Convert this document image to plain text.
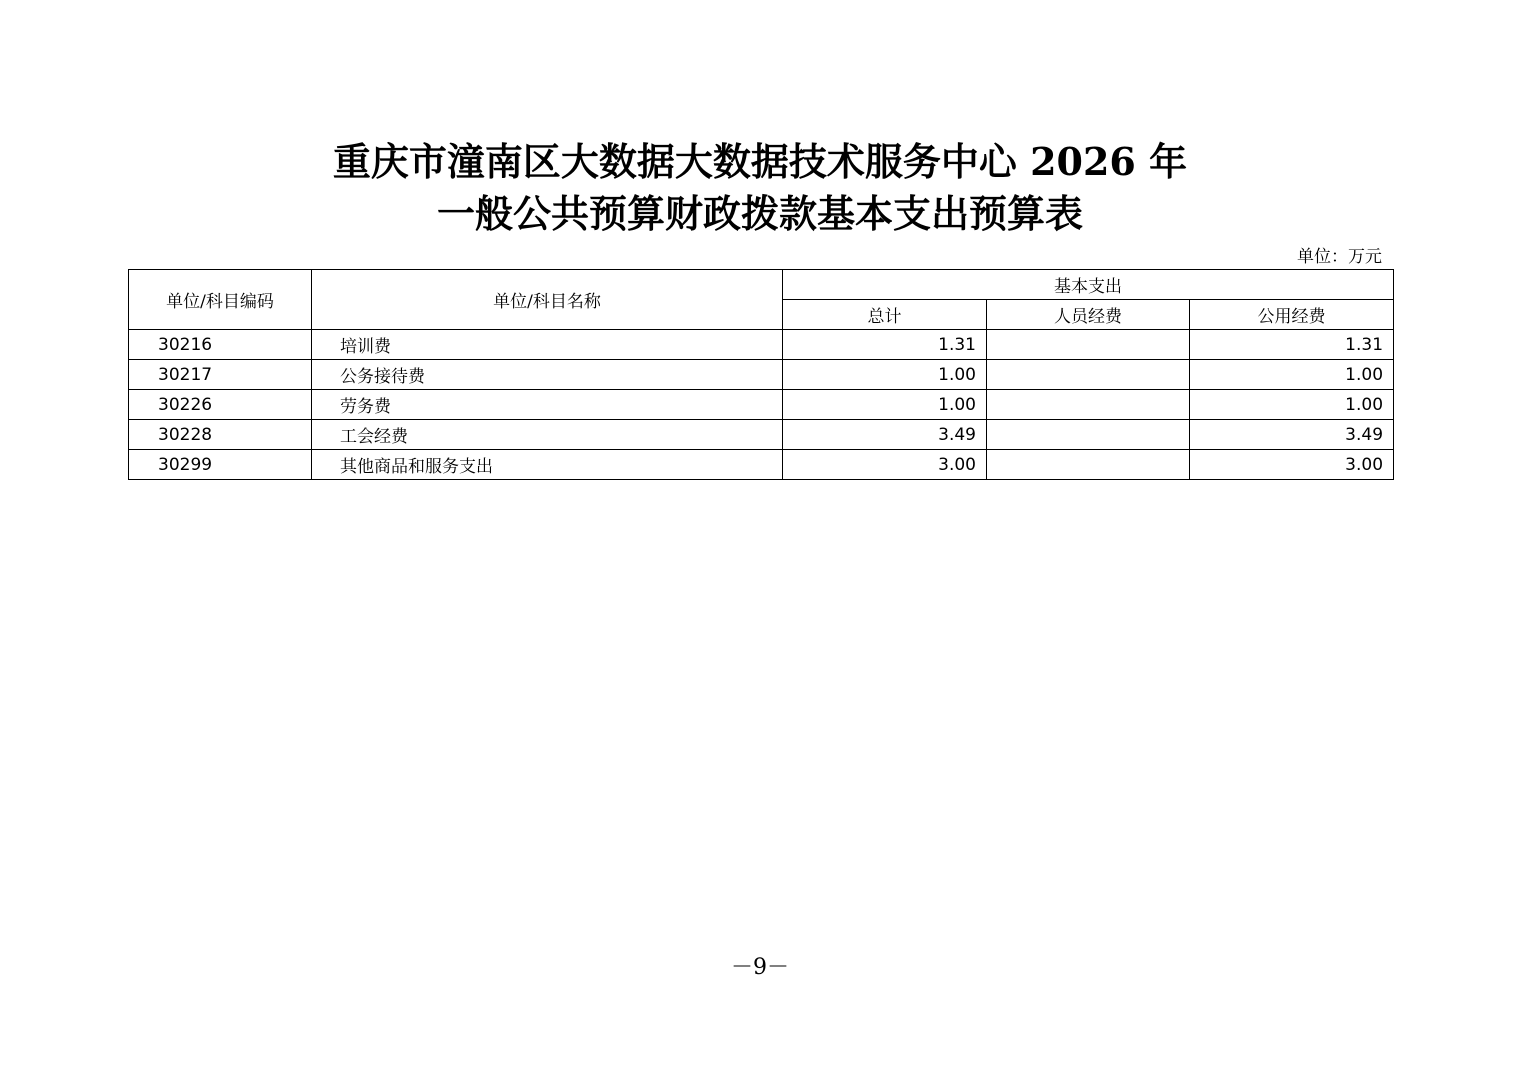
重庆市潼南区大数据大数据技术服务中心 2026 年
一般公共预算财政拨款基本支出预算表
单位：万元
单位/科目编码	单位/科目名称	基本支出		
		总计	人员经费	公用经费
30216	培训费	1.31		1.31
30217	公务接待费	1.00		1.00
30226	劳务费	1.00		1.00
30228	工会经费	3.49		3.49
30299	其他商品和服务支出	3.00		3.00
－9－
